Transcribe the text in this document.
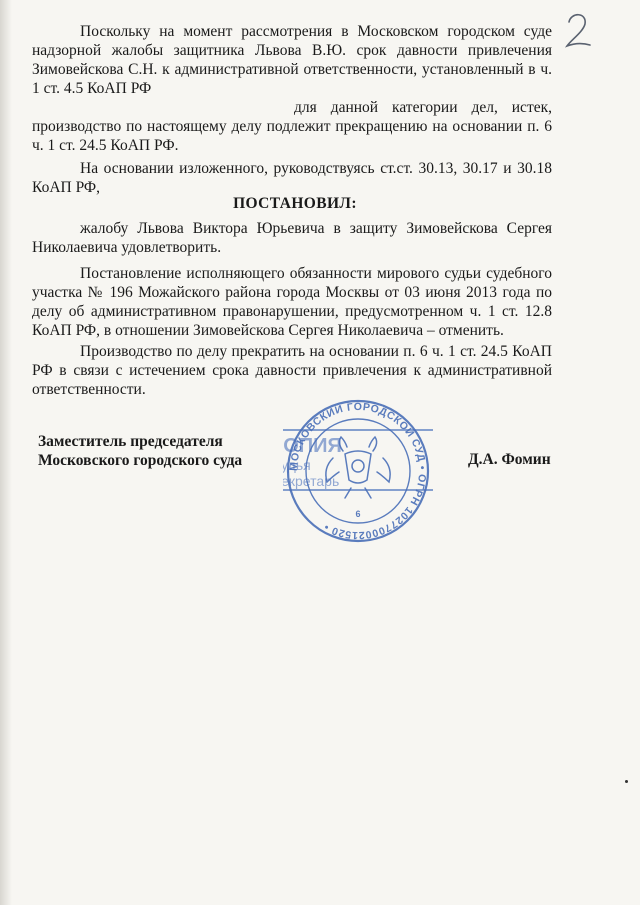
Поскольку на момент рассмотрения в Московском городском суде надзорной жалобы защитника Львова В.Ю. срок давности привлечения Зимовейскова С.Н. к административной ответственности, установленный в ч. 1 ст. 4.5 КоАП РФ
для данной категории дел, истек, производство по настоящему делу подлежит прекращению на основании п. 6 ч. 1 ст. 24.5 КоАП РФ.
На основании изложенного, руководствуясь ст.ст. 30.13, 30.17 и 30.18 КоАП РФ,
ПОСТАНОВИЛ:
жалобу Львова Виктора Юрьевича в защиту Зимовейскова Сергея Николаевича удовлетворить.
Постановление исполняющего обязанности мирового судьи судебного участка № 196 Можайского района города Москвы от 03 июня 2013 года по делу об административном правонарушении, предусмотренном ч. 1 ст. 12.8 КоАП РФ, в отношении Зимовейскова Сергея Николаевича – отменить.
Производство по делу прекратить на основании п. 6 ч. 1 ст. 24.5 КоАП РФ в связи с истечением срока давности привлечения к административной ответственности.
Заместитель председателя
Московского городского суда
ОПИЯ
удья
екретарь
МОСКОВСКИЙ ГОРОДСКОЙ СУД • ОГРН 1027700021520 •
6
Д.А. Фомин
